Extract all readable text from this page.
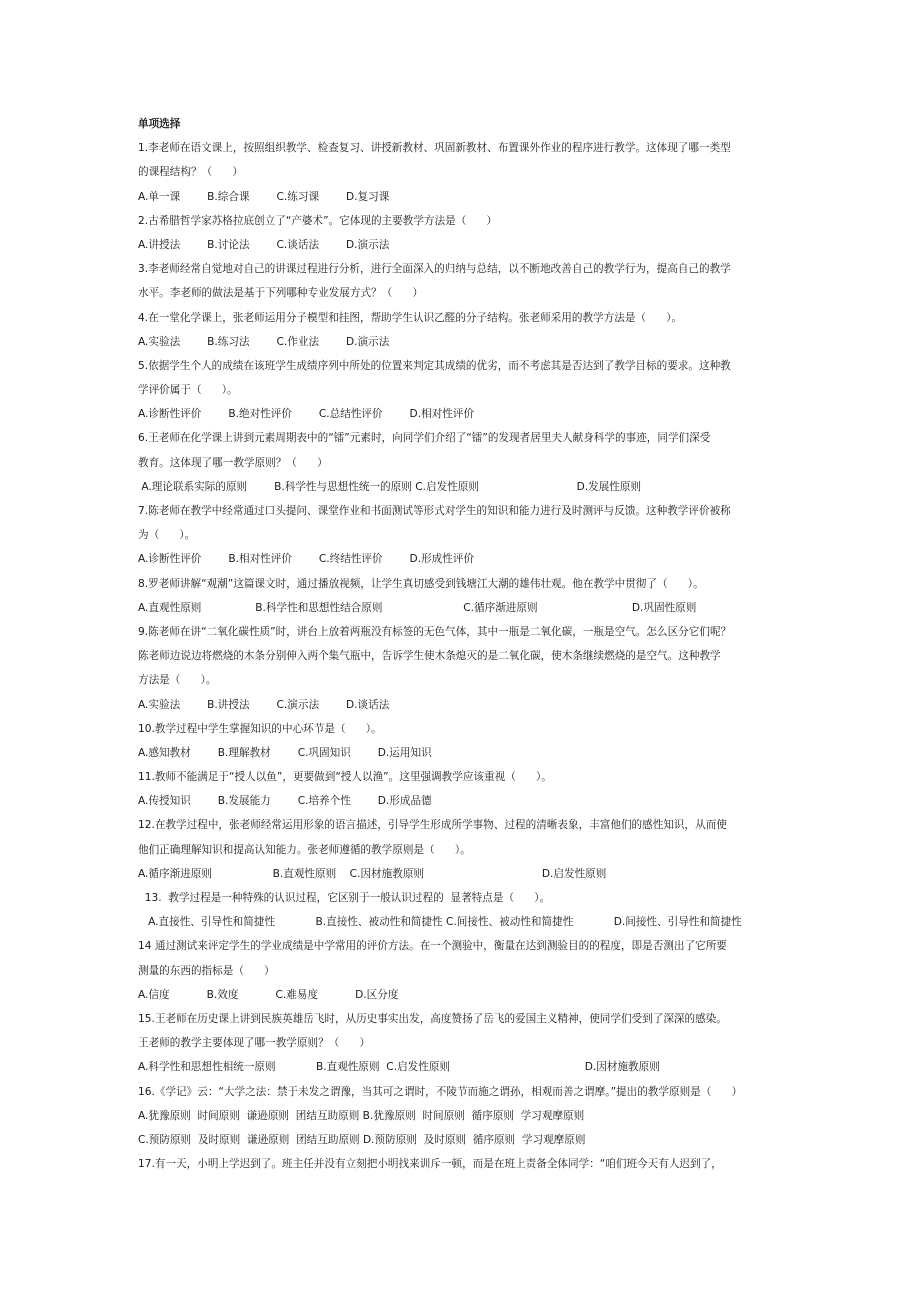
单项选择
1.李老师在语文课上，按照组织教学、检查复习、讲授新教材、巩固新教材、布置课外作业的程序进行教学。这体现了哪一类型
的课程结构？（      ）
A.单一课        B.综合课        C.练习课        D.复习课
2.古希腊哲学家苏格拉底创立了“产婆术”。它体现的主要教学方法是（      ）
A.讲授法        B.讨论法        C.谈话法        D.演示法
3.李老师经常自觉地对自己的讲课过程进行分析，进行全面深入的归纳与总结，以不断地改善自己的教学行为，提高自己的教学
水平。李老师的做法是基于下列哪种专业发展方式？（      ）
4.在一堂化学课上，张老师运用分子模型和挂图，帮助学生认识乙醛的分子结构。张老师采用的教学方法是（      ）。
A.实验法        B.练习法        C.作业法        D.演示法
5.依据学生个人的成绩在该班学生成绩序列中所处的位置来判定其成绩的优劣，而不考虑其是否达到了教学目标的要求。这种教
学评价属于（      ）。
A.诊断性评价        B.绝对性评价        C.总结性评价        D.相对性评价
6.王老师在化学课上讲到元素周期表中的“镭”元素时，向同学们介绍了“镭”的发现者居里夫人献身科学的事迹，同学们深受
教育。这体现了哪一教学原则？（      ）
A.理论联系实际的原则        B.科学性与思想性统一的原则 C.启发性原则                             D.发展性原则
7.陈老师在教学中经常通过口头提问、课堂作业和书面测试等形式对学生的知识和能力进行及时测评与反馈。这种教学评价被称
为（      ）。
A.诊断性评价        B.相对性评价        C.终结性评价        D.形成性评价
8.罗老师讲解“观潮”这篇课文时，通过播放视频，让学生真切感受到钱塘江大潮的雄伟壮观。他在教学中贯彻了（      ）。
A.直观性原则                B.科学性和思想性结合原则                        C.循序渐进原则                            D.巩固性原则
9.陈老师在讲“二氧化碳性质”时，讲台上放着两瓶没有标签的无色气体，其中一瓶是二氧化碳，一瓶是空气。怎么区分它们呢？
陈老师边说边将燃烧的木条分别伸入两个集气瓶中，告诉学生使木条熄灭的是二氧化碳，使木条继续燃烧的是空气。这种教学
方法是（      ）。
A.实验法        B.讲授法        C.演示法        D.谈话法
10.教学过程中学生掌握知识的中心环节是（      ）。
A.感知教材        B.理解教材        C.巩固知识        D.运用知识
11.教师不能满足于“授人以鱼”，更要做到“授人以渔”。这里强调教学应该重视（      ）。
A.传授知识        B.发展能力        C.培养个性        D.形成品德
12.在教学过程中，张老师经常运用形象的语言描述，引导学生形成所学事物、过程的清晰表象，丰富他们的感性知识，从而使
他们正确理解知识和提高认知能力。张老师遵循的教学原则是（      ）。
A.循序渐进原则                  B.直观性原则    C.因材施教原则                                   D.启发性原则
13.  教学过程是一种特殊的认识过程，它区别于一般认识过程的  显著特点是（      ）。
A.直接性、引导性和简捷性            B.直接性、被动性和简捷性 C.间接性、被动性和简捷性            D.间接性、引导性和简捷性
14 通过测试来评定学生的学业成绩是中学常用的评价方法。在一个测验中，衡量在达到测验目的的程度，即是否测出了它所要
测量的东西的指标是（      ）
A.信度           B.效度           C.难易度           D.区分度
15.王老师在历史课上讲到民族英雄岳飞时，从历史事实出发，高度赞扬了岳飞的爱国主义精神，使同学们受到了深深的感染。
王老师的教学主要体现了哪一教学原则？（      ）
A.科学性和思想性相统一原则            B.直观性原则  C.启发性原则                                        D.因材施教原则
16.《学记》云：“大学之法：禁于未发之谓豫，当其可之谓时，不陵节而施之谓孙，相观而善之谓摩。”提出的教学原则是（      ）
A.犹豫原则  时间原则  谦逊原则  团结互助原则 B.犹豫原则  时间原则  循序原则  学习观摩原则
C.预防原则  及时原则  谦逊原则  团结互助原则 D.预防原则  及时原则  循序原则  学习观摩原则
17.有一天，小明上学迟到了。班主任并没有立刻把小明找来训斥一顿，而是在班上责备全体同学：“咱们班今天有人迟到了，
